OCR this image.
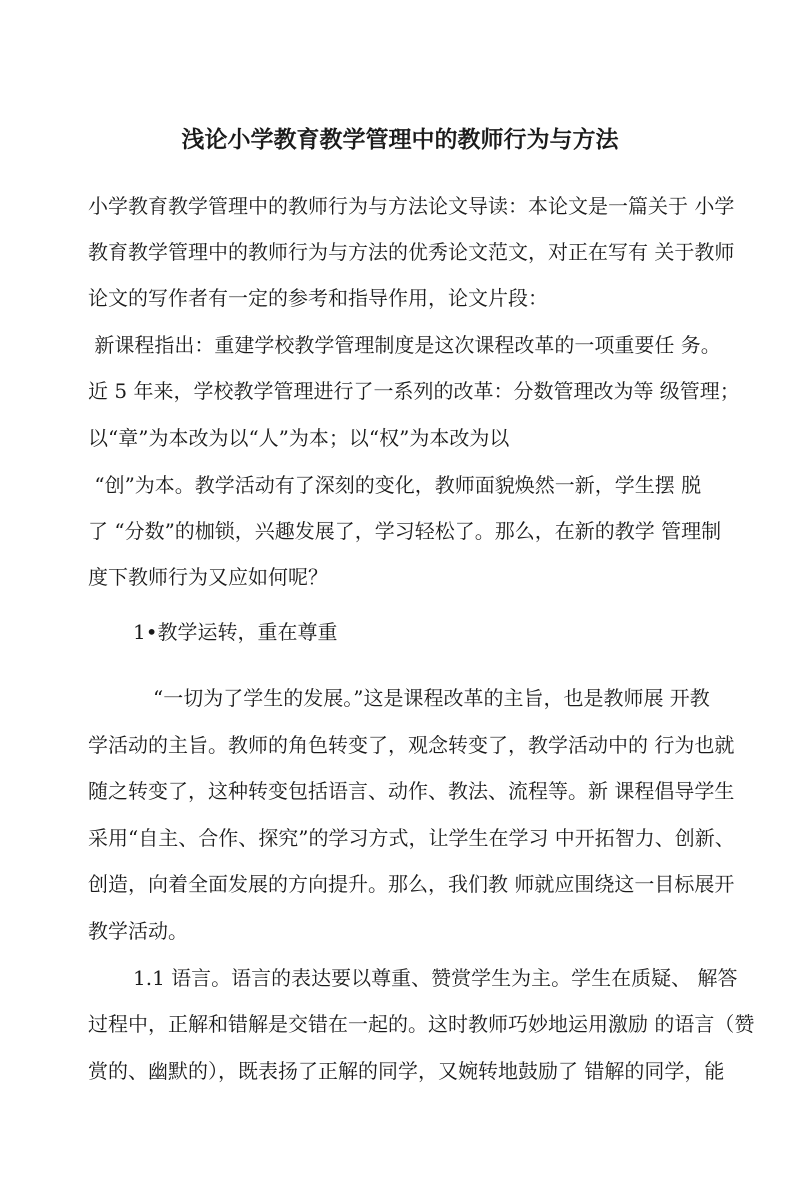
浅论小学教育教学管理中的教师行为与方法

小学教育教学管理中的教师行为与方法论文导读：本论文是一篇关于 小学

教育教学管理中的教师行为与方法的优秀论文范文，对正在写有 关于教师

论文的写作者有一定的参考和指导作用，论文片段：

新课程指出：重建学校教学管理制度是这次课程改革的一项重要任 务。

近 5 年来，学校教学管理进行了一系列的改革：分数管理改为等 级管理；

以“章”为本改为以“人”为本；以“权”为本改为以

“创”为本。教学活动有了深刻的变化，教师面貌焕然一新，学生摆 脱

了 “分数”的枷锁，兴趣发展了，学习轻松了。那么，在新的教学 管理制

度下教师行为又应如何呢？

1•教学运转，重在尊重

“一切为了学生的发展。”这是课程改革的主旨，也是教师展 开教

学活动的主旨。教师的角色转变了，观念转变了，教学活动中的 行为也就

随之转变了，这种转变包括语言、动作、教法、流程等。新 课程倡导学生

采用“自主、合作、探究”的学习方式，让学生在学习 中开拓智力、创新、

创造，向着全面发展的方向提升。那么，我们教 师就应围绕这一目标展开

教学活动。

1.1 语言。语言的表达要以尊重、赞赏学生为主。学生在质疑、 解答

过程中，正解和错解是交错在一起的。这时教师巧妙地运用激励 的语言（赞

赏的、幽默的），既表扬了正解的同学，又婉转地鼓励了 错解的同学，能
